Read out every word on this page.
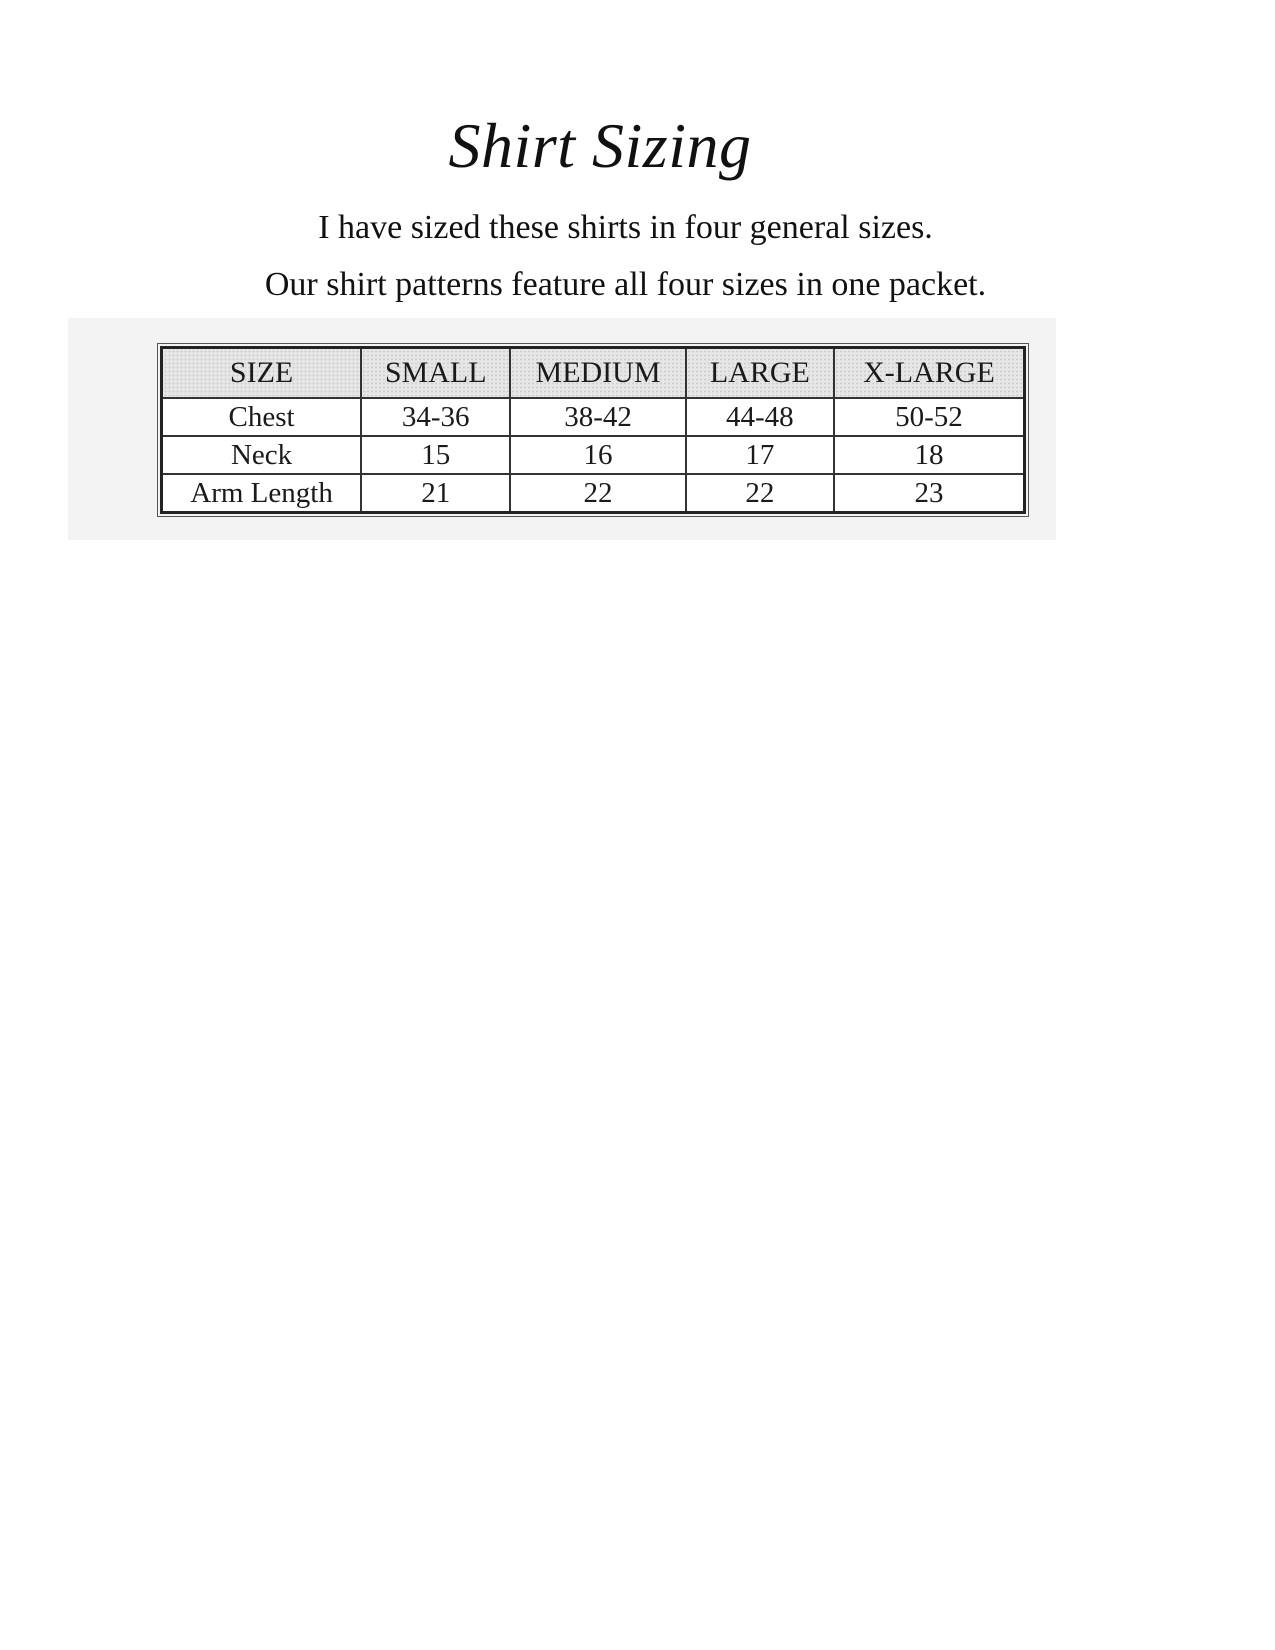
Shirt Sizing

I have sized these shirts in four general sizes.

Our shirt patterns feature all four sizes in one packet.

SIZE	SMALL	MEDIUM	LARGE	X-LARGE
Chest	34-36	38-42	44-48	50-52
Neck	15	16	17	18
Arm Length	21	22	22	23
